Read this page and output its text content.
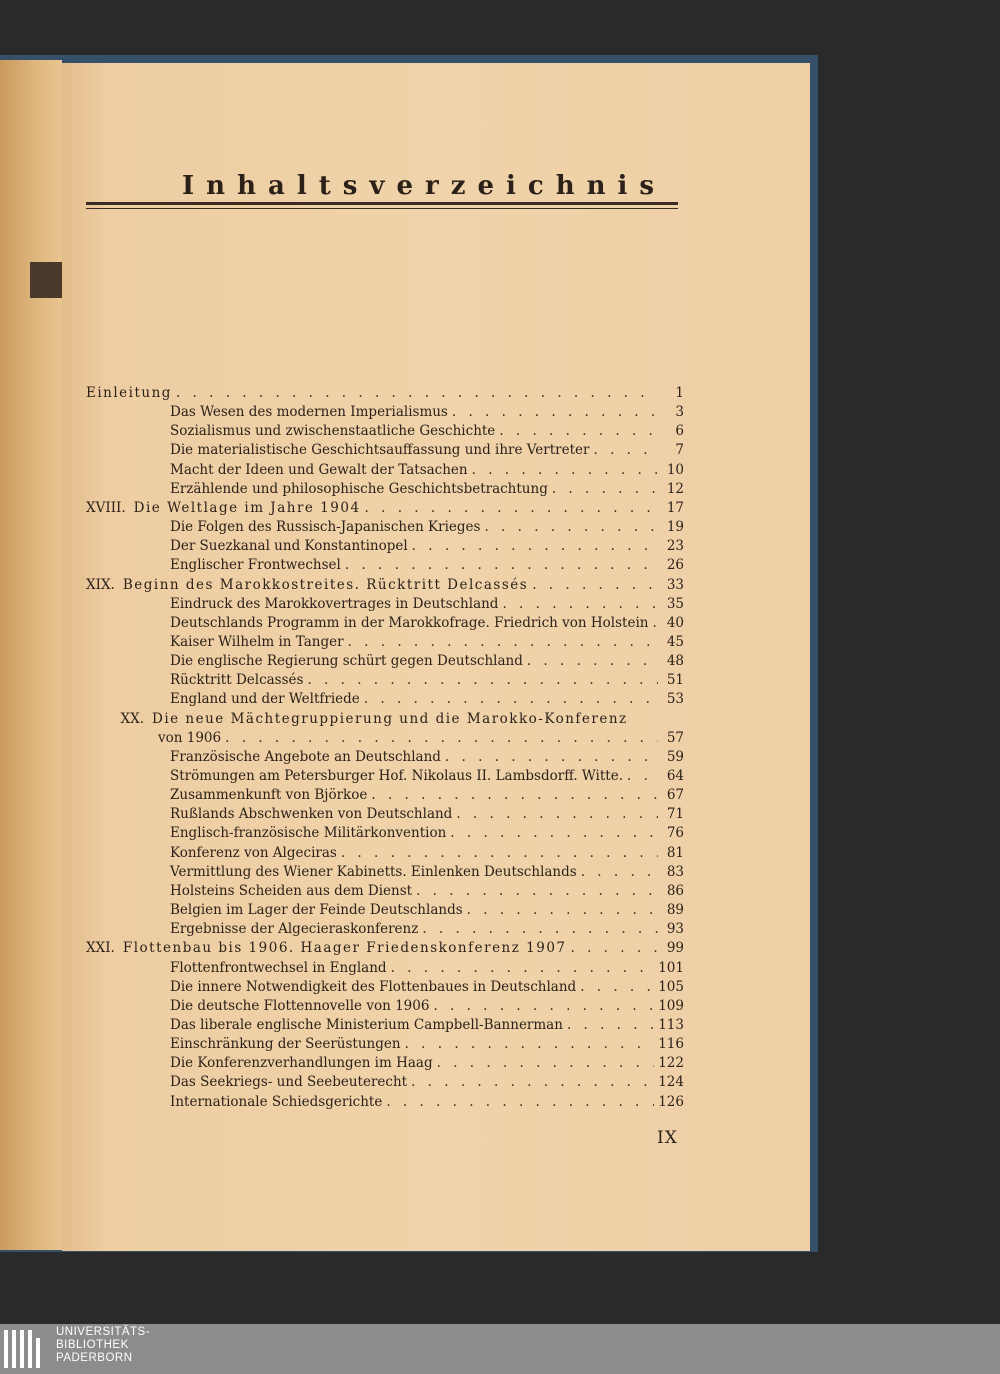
Inhaltsverzeichnis
Einleitung . . .	1
Das Wesen des modernen Imperialismus . . .	3
Sozialismus und zwischenstaatliche Geschichte . . .	6
Die materialistische Geschichtsauffassung und ihre Vertreter . . .	7
Macht der Ideen und Gewalt der Tatsachen . . .	10
Erzählende und philosophische Geschichtsbetrachtung . . .	12
XVIII. Die Weltlage im Jahre 1904 . . .	17
Die Folgen des Russisch-Japanischen Krieges . . .	19
Der Suezkanal und Konstantinopel . . .	23
Englischer Frontwechsel . . .	26
XIX. Beginn des Marokkostreites. Rücktritt Delcassés . . .	33
Eindruck des Marokkovertrages in Deutschland . . .	35
Deutschlands Programm in der Marokkofrage. Friedrich von Holstein . . .	40
Kaiser Wilhelm in Tanger . . .	45
Die englische Regierung schürt gegen Deutschland . . .	48
Rücktritt Delcassés . . .	51
England und der Weltfriede . . .	53
XX. Die neue Mächtegruppierung und die Marokko-Konferenz
von 1906 . . .	57
Französische Angebote an Deutschland . . .	59
Strömungen am Petersburger Hof. Nikolaus II. Lambsdorff. Witte. . . .	64
Zusammenkunft von Björkoe . . .	67
Rußlands Abschwenken von Deutschland . . .	71
Englisch-französische Militärkonvention . . .	76
Konferenz von Algeciras . . .	81
Vermittlung des Wiener Kabinetts. Einlenken Deutschlands . . .	83
Holsteins Scheiden aus dem Dienst . . .	86
Belgien im Lager der Feinde Deutschlands . . .	89
Ergebnisse der Algecieraskonferenz . . .	93
XXI. Flottenbau bis 1906. Haager Friedenskonferenz 1907 . . .	99
Flottenfrontwechsel in England . . .	101
Die innere Notwendigkeit des Flottenbaues in Deutschland . . .	105
Die deutsche Flottennovelle von 1906 . . .	109
Das liberale englische Ministerium Campbell-Bannerman . . .	113
Einschränkung der Seerüstungen . . .	116
Die Konferenzverhandlungen im Haag . . .	122
Das Seekriegs- und Seebeuterecht . . .	124
Internationale Schiedsgerichte . . .	126
IX
UNIVERSITÄTS-
BIBLIOTHEK
PADERBORN
